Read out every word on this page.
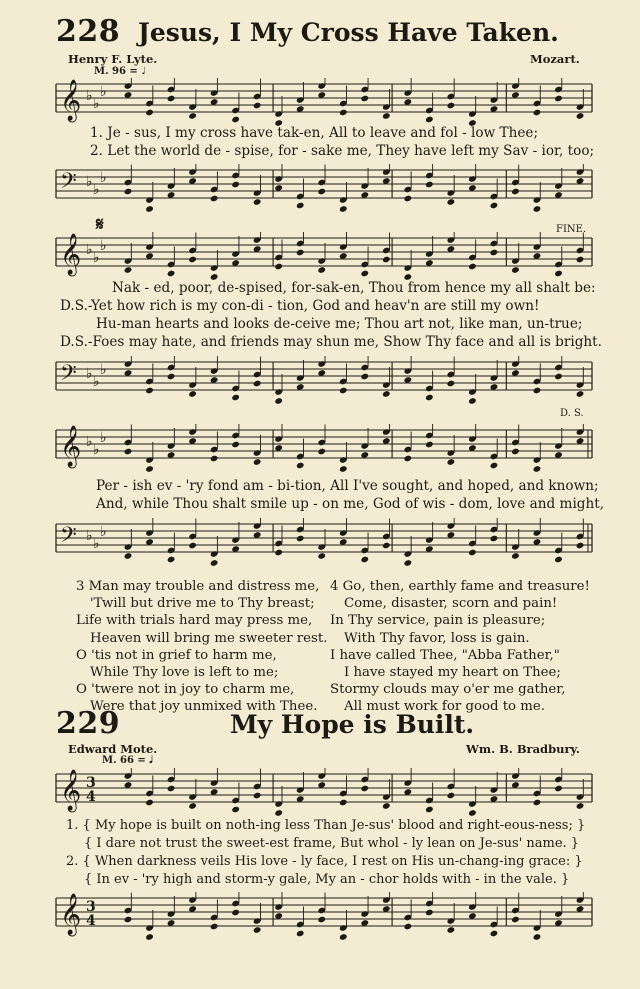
228 Jesus, I My Cross Have Taken.
Henry F. Lyte.	Mozart.
M. 96 = ♩
𝄞 ♭ ♭
♭
1. Je - sus, I my cross have tak-en, All to leave and fol - low Thee;
2. Let the world de - spise, for - sake me, They have left my Sav - ior, too;
𝄢 ♭ ♭
♭
𝄋	FINE.
𝄞 ♭ ♭
♭
Nak - ed, poor, de-spised, for-sak-en, Thou from hence my all shalt be:
D.S.-Yet how rich is my con-di - tion, God and heav'n are still my own!
Hu-man hearts and looks de-ceive me; Thou art not, like man, un-true;
D.S.-Foes may hate, and friends may shun me, Show Thy face and all is bright.
𝄢 ♭ ♭
♭
D. S.
𝄞 ♭ ♭
♭
Per - ish ev - 'ry fond am - bi-tion, All I've sought, and hoped, and known;
And, while Thou shalt smile up - on me, God of wis - dom, love and might,
𝄢 ♭ ♭
♭
3 Man may trouble and distress me,
'Twill but drive me to Thy breast;
Life with trials hard may press me,
Heaven will bring me sweeter rest.
O 'tis not in grief to harm me,
While Thy love is left to me;
O 'twere not in joy to charm me,
Were that joy unmixed with Thee.
4 Go, then, earthly fame and treasure!
Come, disaster, scorn and pain!
In Thy service, pain is pleasure;
With Thy favor, loss is gain.
I have called Thee, "Abba Father,"
I have stayed my heart on Thee;
Stormy clouds may o'er me gather,
All must work for good to me.
229	My Hope is Built.
Edward Mote.	Wm. B. Bradbury.
M. 66 = 𝅗𝅥
𝄞 3
4
1. { My hope is built on noth-ing less Than Je-sus' blood and right-eous-ness; }
{ I dare not trust the sweet-est frame, But whol - ly lean on Je-sus' name. }
2. { When darkness veils His love - ly face, I rest on His un-chang-ing grace: }
{ In ev - 'ry high and storm-y gale, My an - chor holds with - in the vale. }
𝄞 3
4
